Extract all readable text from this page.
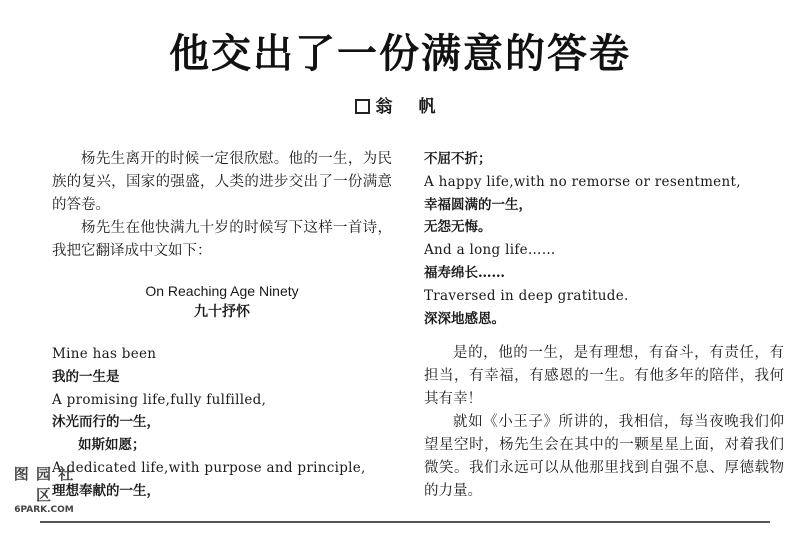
他交出了一份满意的答卷
翁 帆

杨先生离开的时候一定很欣慰。他的一生，为民族的复兴，国家的强盛，人类的进步交出了一份满意的答卷。

杨先生在他快满九十岁的时候写下这样一首诗，我把它翻译成中文如下：

On Reaching Age Ninety
九十抒怀
Mine has been
我的一生是
A promising life,fully fulfilled,
沐光而行的一生，
如斯如愿；
A dedicated life,with purpose and principle,
理想奉献的一生，
不屈不折；
A happy life,with no remorse or resentment,
幸福圆满的一生，
无怨无悔。
And a long life……
福寿绵长……
Traversed in deep gratitude.
深深地感恩。

是的，他的一生，是有理想，有奋斗，有责任，有担当，有幸福，有感恩的一生。有他多年的陪伴，我何其有幸！

就如《小王子》所讲的，我相信，每当夜晚我们仰望星空时，杨先生会在其中的一颗星星上面，对着我们微笑。我们永远可以从他那里找到自强不息、厚德载物的力量。

图 园 社 区
6PARK.COM
